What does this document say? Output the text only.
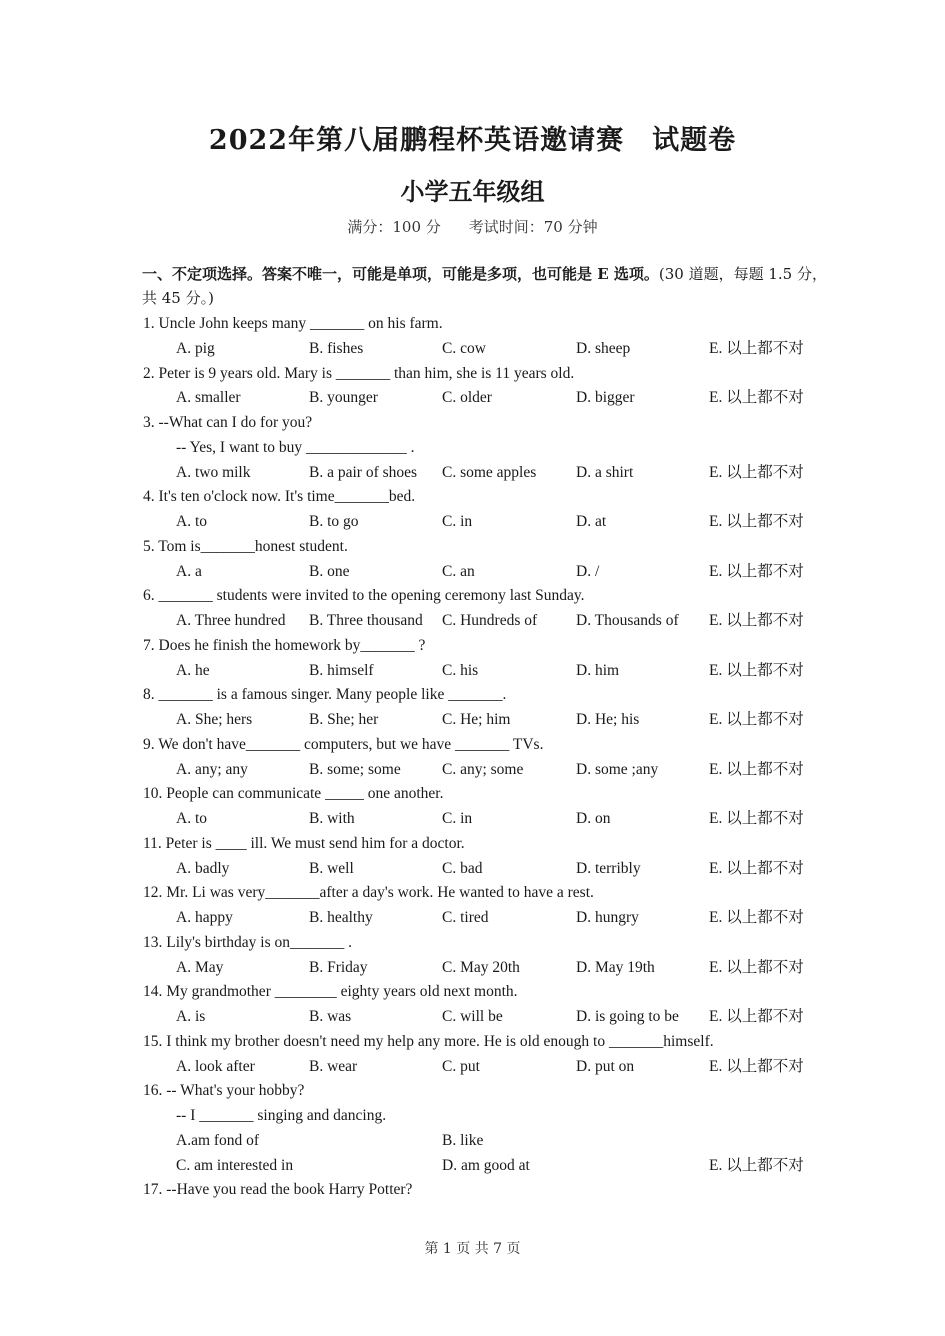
2022年第八届鹏程杯英语邀请赛　试题卷
小学五年级组
满分：100 分 考试时间：70 分钟
一、不定项选择。答案不唯一，可能是单项，可能是多项，也可能是 E 选项。(30 道题，每题 1.5 分，共 45 分。)
1. Uncle John keeps many _______ on his farm.
A. pig	B. fishes	C. cow	D. sheep	E. 以上都不对
2. Peter is 9 years old. Mary is _______ than him, she is 11 years old.
A. smaller	B. younger	C. older	D. bigger	E. 以上都不对
3. --What can I do for you?
-- Yes, I want to buy _____________ .
A. two milk	B. a pair of shoes C. some apples	D. a shirt	E. 以上都不对
4. It's ten o'clock now. It's time_______bed.
A. to	B. to go	C. in	D. at	E. 以上都不对
5. Tom is_______honest student.
A. a	B. one	C. an	D. /	E. 以上都不对
6. _______ students were invited to the opening ceremony last Sunday.
A. Three hundred B. Three thousand C. Hundreds of	D. Thousands of E. 以上都不对
7. Does he finish the homework by_______ ?
A. he	B. himself	C. his	D. him	E. 以上都不对
8. _______ is a famous singer. Many people like _______.
A. She; hers	B. She; her	C. He; him	D. He; his	E. 以上都不对
9. We don't have_______ computers, but we have _______ TVs.
A. any; any	B. some; some	C. any; some	D. some ;any	E. 以上都不对
10. People can communicate _____ one another.
A. to	B. with	C. in	D. on	E. 以上都不对
11. Peter is ____ ill. We must send him for a doctor.
A. badly	B. well	C. bad	D. terribly	E. 以上都不对
12. Mr. Li was very_______after a day's work. He wanted to have a rest.
A. happy	B. healthy	C. tired	D. hungry	E. 以上都不对
13. Lily's birthday is on_______ .
A. May	B. Friday	C. May 20th	D. May 19th	E. 以上都不对
14. My grandmother ________ eighty years old next month.
A. is	B. was	C. will be	D. is going to be E. 以上都不对
15. I think my brother doesn't need my help any more. He is old enough to _______himself.
A. look after	B. wear	C. put	D. put on	E. 以上都不对
16. -- What's your hobby?
-- I _______ singing and dancing.
A.am fond of	B. like
C. am interested in	D. am good at	E. 以上都不对
17. --Have you read the book Harry Potter?
第 1 页 共 7 页
